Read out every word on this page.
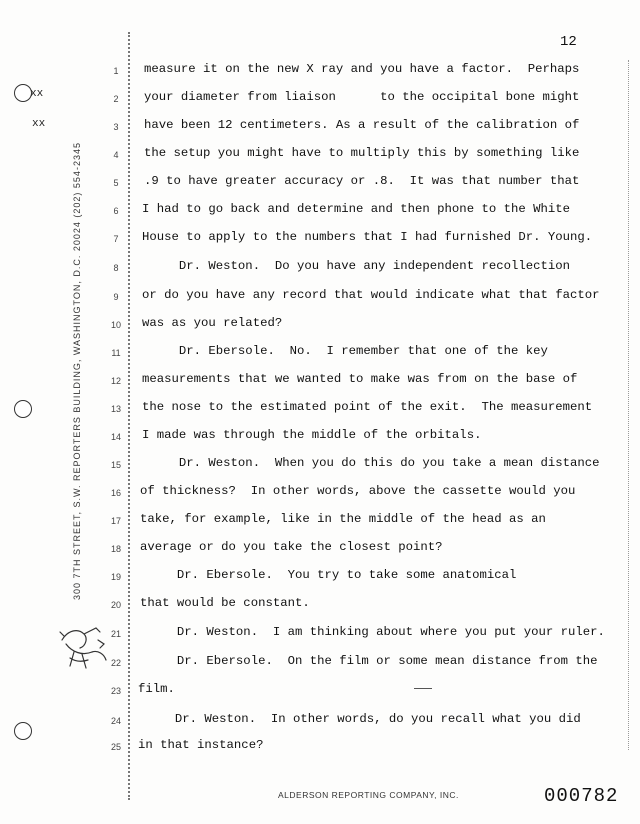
xx
xx
300 7TH STREET, S.W. REPORTERS BUILDING, WASHINGTON, D.C. 20024 (202) 554-2345
12
1	measure it on the new X ray and you have a factor.  Perhaps
2	your diameter from liaison      to the occipital bone might
3	have been 12 centimeters. As a result of the calibration of
4	the setup you might have to multiply this by something like
5	.9 to have greater accuracy or .8.  It was that number that
6	I had to go back and determine and then phone to the White
7	House to apply to the numbers that I had furnished Dr. Young.
8	Dr. Weston.  Do you have any independent recollection
9	or do you have any record that would indicate what that factor
10	was as you related?
11	Dr. Ebersole.  No.  I remember that one of the key
12	measurements that we wanted to make was from on the base of
13	the nose to the estimated point of the exit.  The measurement
14	I made was through the middle of the orbitals.
15	Dr. Weston.  When you do this do you take a mean distance
16	of thickness?  In other words, above the cassette would you
17	take, for example, like in the middle of the head as an
18	average or do you take the closest point?
19	Dr. Ebersole.  You try to take some anatomical
20	that would be constant.
21	Dr. Weston.  I am thinking about where you put your ruler.
22	Dr. Ebersole.  On the film or some mean distance from the
23	film.
24	Dr. Weston.  In other words, do you recall what you did
25	in that instance?
ALDERSON REPORTING COMPANY, INC.	000782
